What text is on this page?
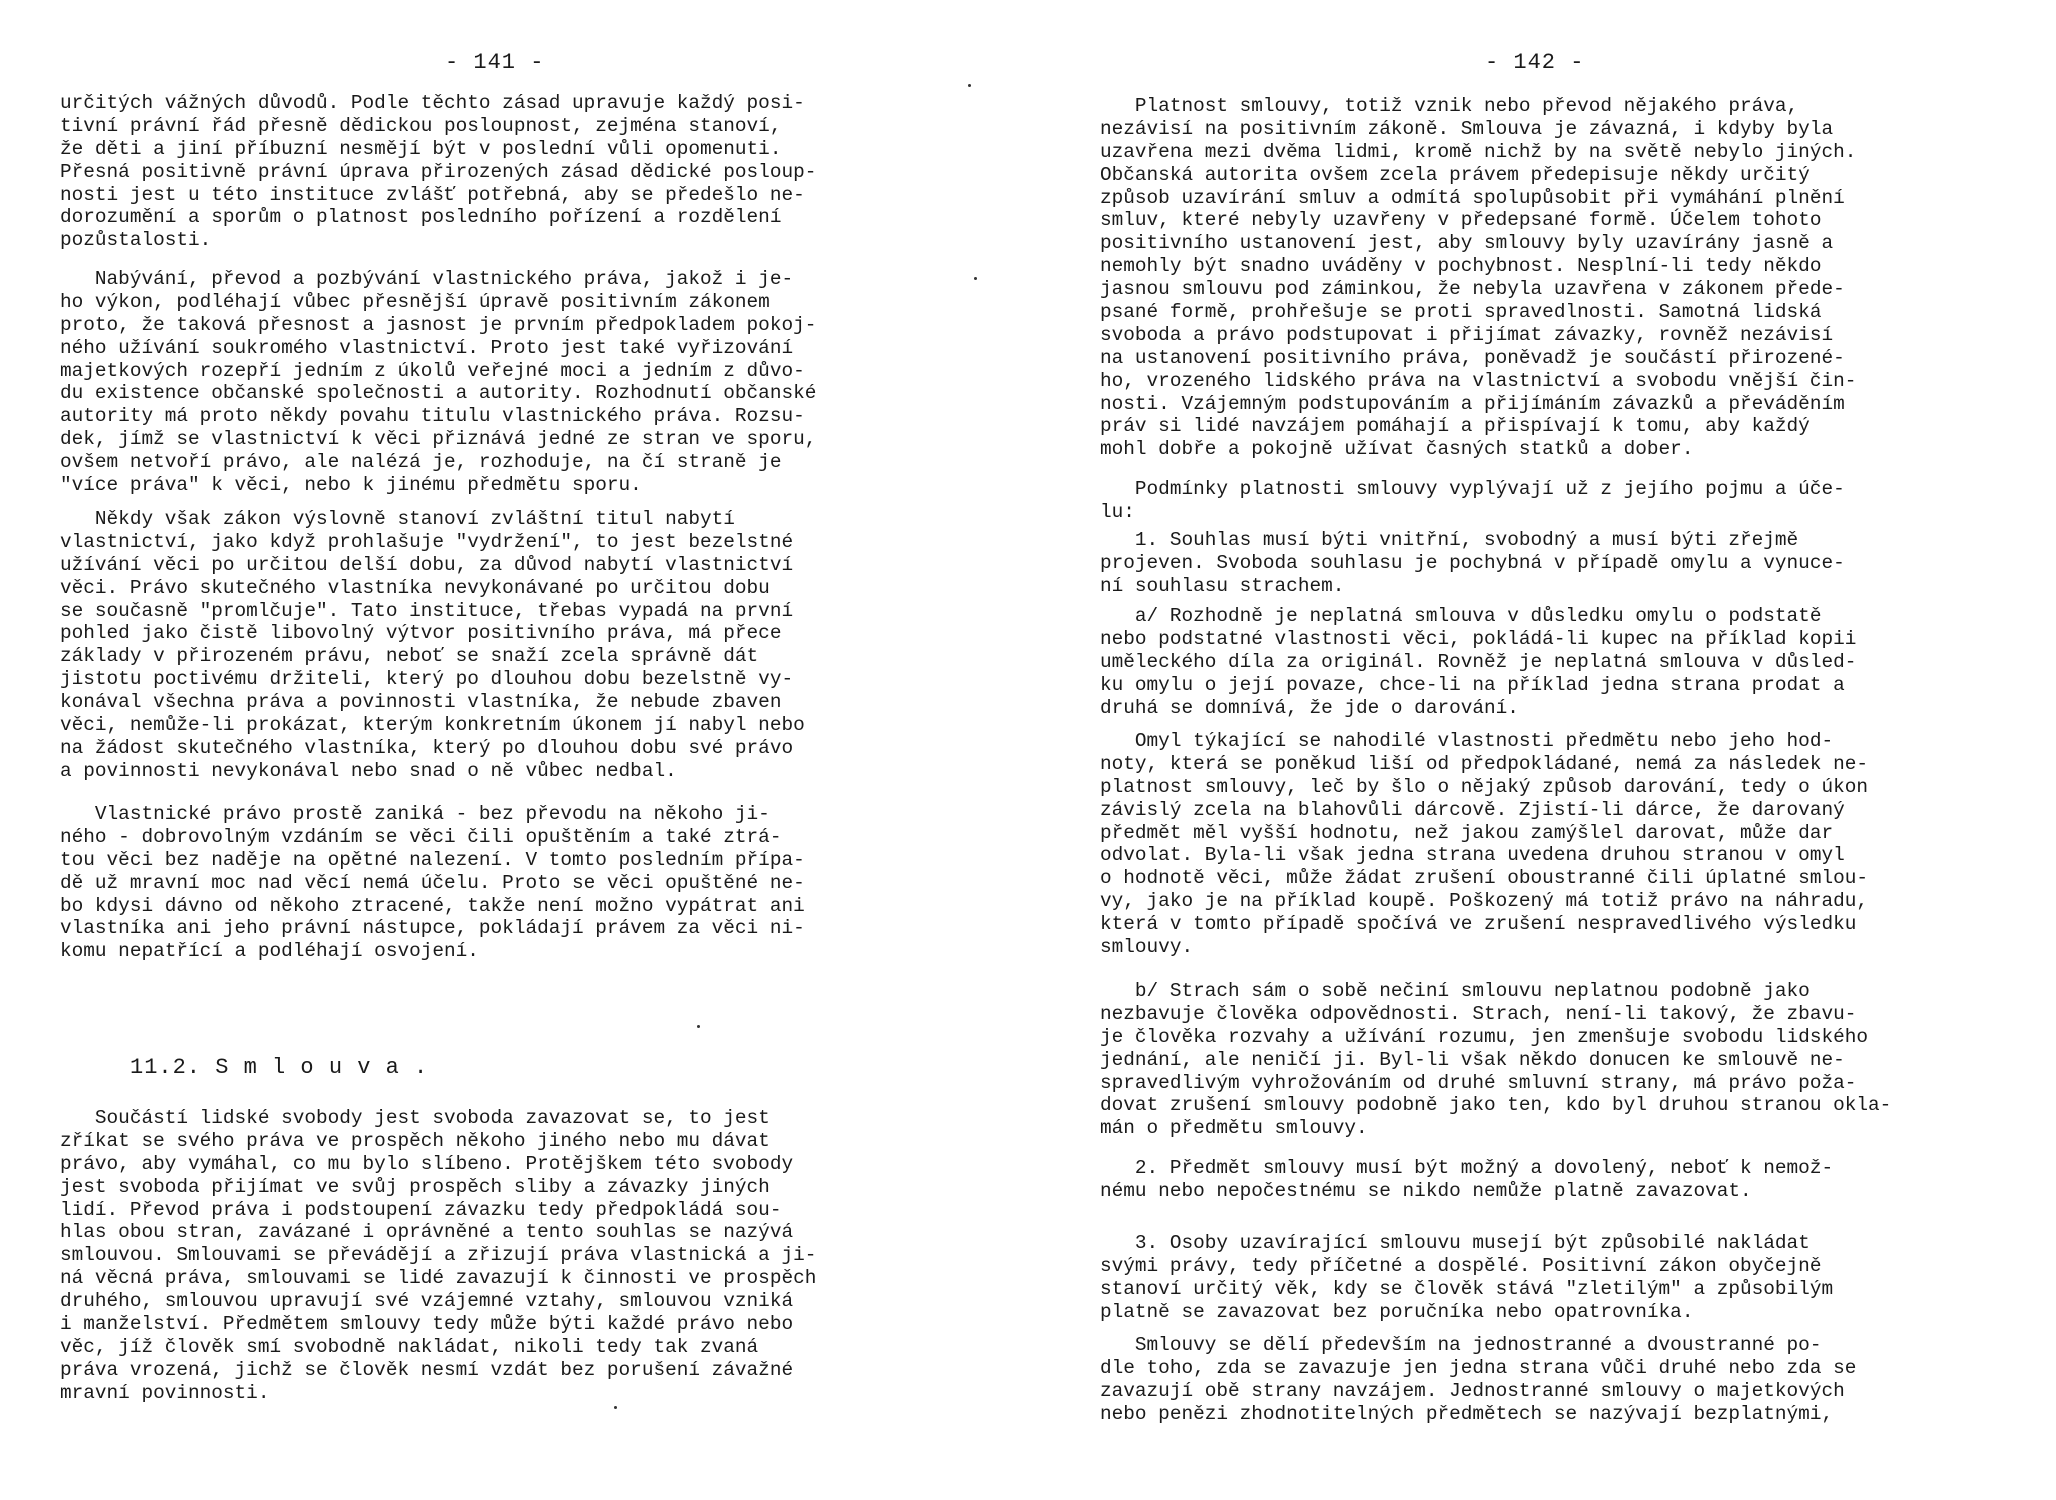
- 141 -
určitých vážných důvodů. Podle těchto zásad upravuje každý posi-
tivní právní řád přesně dědickou posloupnost, zejména stanoví,
že děti a jiní příbuzní nesmějí být v poslední vůli opomenuti.
Přesná positivně právní úprava přirozených zásad dědické posloup-
nosti jest u této instituce zvlášť potřebná, aby se předešlo ne-
dorozumění a sporům o platnost posledního pořízení a rozdělení
pozůstalosti.
Nabývání, převod a pozbývání vlastnického práva, jakož i je-
ho výkon, podléhají vůbec přesnější úpravě positivním zákonem
proto, že taková přesnost a jasnost je prvním předpokladem pokoj-
ného užívání soukromého vlastnictví. Proto jest také vyřizování
majetkových rozepří jedním z úkolů veřejné moci a jedním z důvo-
du existence občanské společnosti a autority. Rozhodnutí občanské
autority má proto někdy povahu titulu vlastnického práva. Rozsu-
dek, jímž se vlastnictví k věci přiznává jedné ze stran ve sporu,
ovšem netvoří právo, ale nalézá je, rozhoduje, na čí straně je
"více práva" k věci, nebo k jinému předmětu sporu.
Někdy však zákon výslovně stanoví zvláštní titul nabytí
vlastnictví, jako když prohlašuje "vydržení", to jest bezelstné
užívání věci po určitou delší dobu, za důvod nabytí vlastnictví
věci. Právo skutečného vlastníka nevykonávané po určitou dobu
se současně "promlčuje". Tato instituce, třebas vypadá na první
pohled jako čistě libovolný výtvor positivního práva, má přece
základy v přirozeném právu, neboť se snaží zcela správně dát
jistotu poctivému držiteli, který po dlouhou dobu bezelstně vy-
konával všechna práva a povinnosti vlastníka, že nebude zbaven
věci, nemůže-li prokázat, kterým konkretním úkonem jí nabyl nebo
na žádost skutečného vlastníka, který po dlouhou dobu své právo
a povinnosti nevykonával nebo snad o ně vůbec nedbal.
Vlastnické právo prostě zaniká - bez převodu na někoho ji-
ného - dobrovolným vzdáním se věci čili opuštěním a také ztrá-
tou věci bez naděje na opětné nalezení. V tomto posledním přípa-
dě už mravní moc nad věcí nemá účelu. Proto se věci opuštěné ne-
bo kdysi dávno od někoho ztracené, takže není možno vypátrat ani
vlastníka ani jeho právní nástupce, pokládají právem za věci ni-
komu nepatřící a podléhají osvojení.
11.2. S m l o u v a .
Součástí lidské svobody jest svoboda zavazovat se, to jest
zříkat se svého práva ve prospěch někoho jiného nebo mu dávat
právo, aby vymáhal, co mu bylo slíbeno. Protějškem této svobody
jest svoboda přijímat ve svůj prospěch sliby a závazky jiných
lidí. Převod práva i podstoupení závazku tedy předpokládá sou-
hlas obou stran, zavázané i oprávněné a tento souhlas se nazývá
smlouvou. Smlouvami se převádějí a zřizují práva vlastnická a ji-
ná věcná práva, smlouvami se lidé zavazují k činnosti ve prospěch
druhého, smlouvou upravují své vzájemné vztahy, smlouvou vzniká
i manželství. Předmětem smlouvy tedy může býti každé právo nebo
věc, jíž člověk smí svobodně nakládat, nikoli tedy tak zvaná
práva vrozená, jichž se člověk nesmí vzdát bez porušení závažné
mravní povinnosti.
- 142 -
Platnost smlouvy, totiž vznik nebo převod nějakého práva,
nezávisí na positivním zákoně. Smlouva je závazná, i kdyby byla
uzavřena mezi dvěma lidmi, kromě nichž by na světě nebylo jiných.
Občanská autorita ovšem zcela právem předepisuje někdy určitý
způsob uzavírání smluv a odmítá spolupůsobit při vymáhání plnění
smluv, které nebyly uzavřeny v předepsané formě. Účelem tohoto
positivního ustanovení jest, aby smlouvy byly uzavírány jasně a
nemohly být snadno uváděny v pochybnost. Nesplní-li tedy někdo
jasnou smlouvu pod záminkou, že nebyla uzavřena v zákonem přede-
psané formě, prohřešuje se proti spravedlnosti. Samotná lidská
svoboda a právo podstupovat i přijímat závazky, rovněž nezávisí
na ustanovení positivního práva, poněvadž je součástí přirozené-
ho, vrozeného lidského práva na vlastnictví a svobodu vnější čin-
nosti. Vzájemným podstupováním a přijímáním závazků a převáděním
práv si lidé navzájem pomáhají a přispívají k tomu, aby každý
mohl dobře a pokojně užívat časných statků a dober.
Podmínky platnosti smlouvy vyplývají už z jejího pojmu a úče-
lu:
1. Souhlas musí býti vnitřní, svobodný a musí býti zřejmě
projeven. Svoboda souhlasu je pochybná v případě omylu a vynuce-
ní souhlasu strachem.
a/ Rozhodně je neplatná smlouva v důsledku omylu o podstatě
nebo podstatné vlastnosti věci, pokládá-li kupec na příklad kopii
uměleckého díla za originál. Rovněž je neplatná smlouva v důsled-
ku omylu o její povaze, chce-li na příklad jedna strana prodat a
druhá se domnívá, že jde o darování.
Omyl týkající se nahodilé vlastnosti předmětu nebo jeho hod-
noty, která se poněkud liší od předpokládané, nemá za následek ne-
platnost smlouvy, leč by šlo o nějaký způsob darování, tedy o úkon
závislý zcela na blahovůli dárcově. Zjistí-li dárce, že darovaný
předmět měl vyšší hodnotu, než jakou zamýšlel darovat, může dar
odvolat. Byla-li však jedna strana uvedena druhou stranou v omyl
o hodnotě věci, může žádat zrušení oboustranné čili úplatné smlou-
vy, jako je na příklad koupě. Poškozený má totiž právo na náhradu,
která v tomto případě spočívá ve zrušení nespravedlivého výsledku
smlouvy.
b/ Strach sám o sobě nečiní smlouvu neplatnou podobně jako
nezbavuje člověka odpovědnosti. Strach, není-li takový, že zbavu-
je člověka rozvahy a užívání rozumu, jen zmenšuje svobodu lidského
jednání, ale neničí ji. Byl-li však někdo donucen ke smlouvě ne-
spravedlivým vyhrožováním od druhé smluvní strany, má právo poža-
dovat zrušení smlouvy podobně jako ten, kdo byl druhou stranou okla-
mán o předmětu smlouvy.
2. Předmět smlouvy musí být možný a dovolený, neboť k nemož-
nému nebo nepočestnému se nikdo nemůže platně zavazovat.
3. Osoby uzavírající smlouvu musejí být způsobilé nakládat
svými právy, tedy příčetné a dospělé. Positivní zákon obyčejně
stanoví určitý věk, kdy se člověk stává "zletilým" a způsobilým
platně se zavazovat bez poručníka nebo opatrovníka.
Smlouvy se dělí především na jednostranné a dvoustranné po-
dle toho, zda se zavazuje jen jedna strana vůči druhé nebo zda se
zavazují obě strany navzájem. Jednostranné smlouvy o majetkových
nebo penězi zhodnotitelných předmětech se nazývají bezplatnými,
